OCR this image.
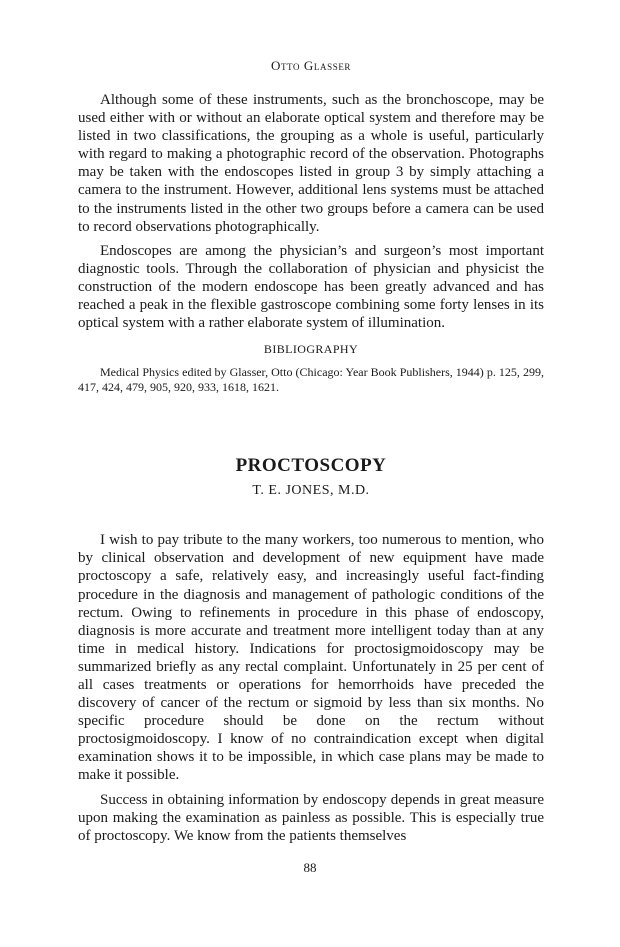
Otto Glasser

Although some of these instruments, such as the bronchoscope, may be used either with or without an elaborate optical system and therefore may be listed in two classifications, the grouping as a whole is useful, particularly with regard to making a photographic record of the observation. Photographs may be taken with the endoscopes listed in group 3 by simply attaching a camera to the instrument. However, additional lens systems must be attached to the instruments listed in the other two groups before a camera can be used to record observations photographically.

Endoscopes are among the physician’s and surgeon’s most important diagnostic tools. Through the collaboration of physician and physicist the construction of the modern endoscope has been greatly advanced and has reached a peak in the flexible gastroscope combining some forty lenses in its optical system with a rather elaborate system of illumination.

BIBLIOGRAPHY

Medical Physics edited by Glasser, Otto (Chicago: Year Book Publishers, 1944) p. 125, 299, 417, 424, 479, 905, 920, 933, 1618, 1621.

PROCTOSCOPY
T. E. JONES, M.D.

I wish to pay tribute to the many workers, too numerous to mention, who by clinical observation and development of new equipment have made proctoscopy a safe, relatively easy, and increasingly useful fact-finding procedure in the diagnosis and management of pathologic conditions of the rectum. Owing to refinements in procedure in this phase of endoscopy, diagnosis is more accurate and treatment more intelligent today than at any time in medical history. Indications for proctosigmoidoscopy may be summarized briefly as any rectal complaint. Unfortunately in 25 per cent of all cases treatments or operations for hemorrhoids have preceded the discovery of cancer of the rectum or sigmoid by less than six months. No specific procedure should be done on the rectum without proctosigmoidoscopy. I know of no contraindication except when digital examination shows it to be impossible, in which case plans may be made to make it possible.

Success in obtaining information by endoscopy depends in great measure upon making the examination as painless as possible. This is especially true of proctoscopy. We know from the patients themselves

88
